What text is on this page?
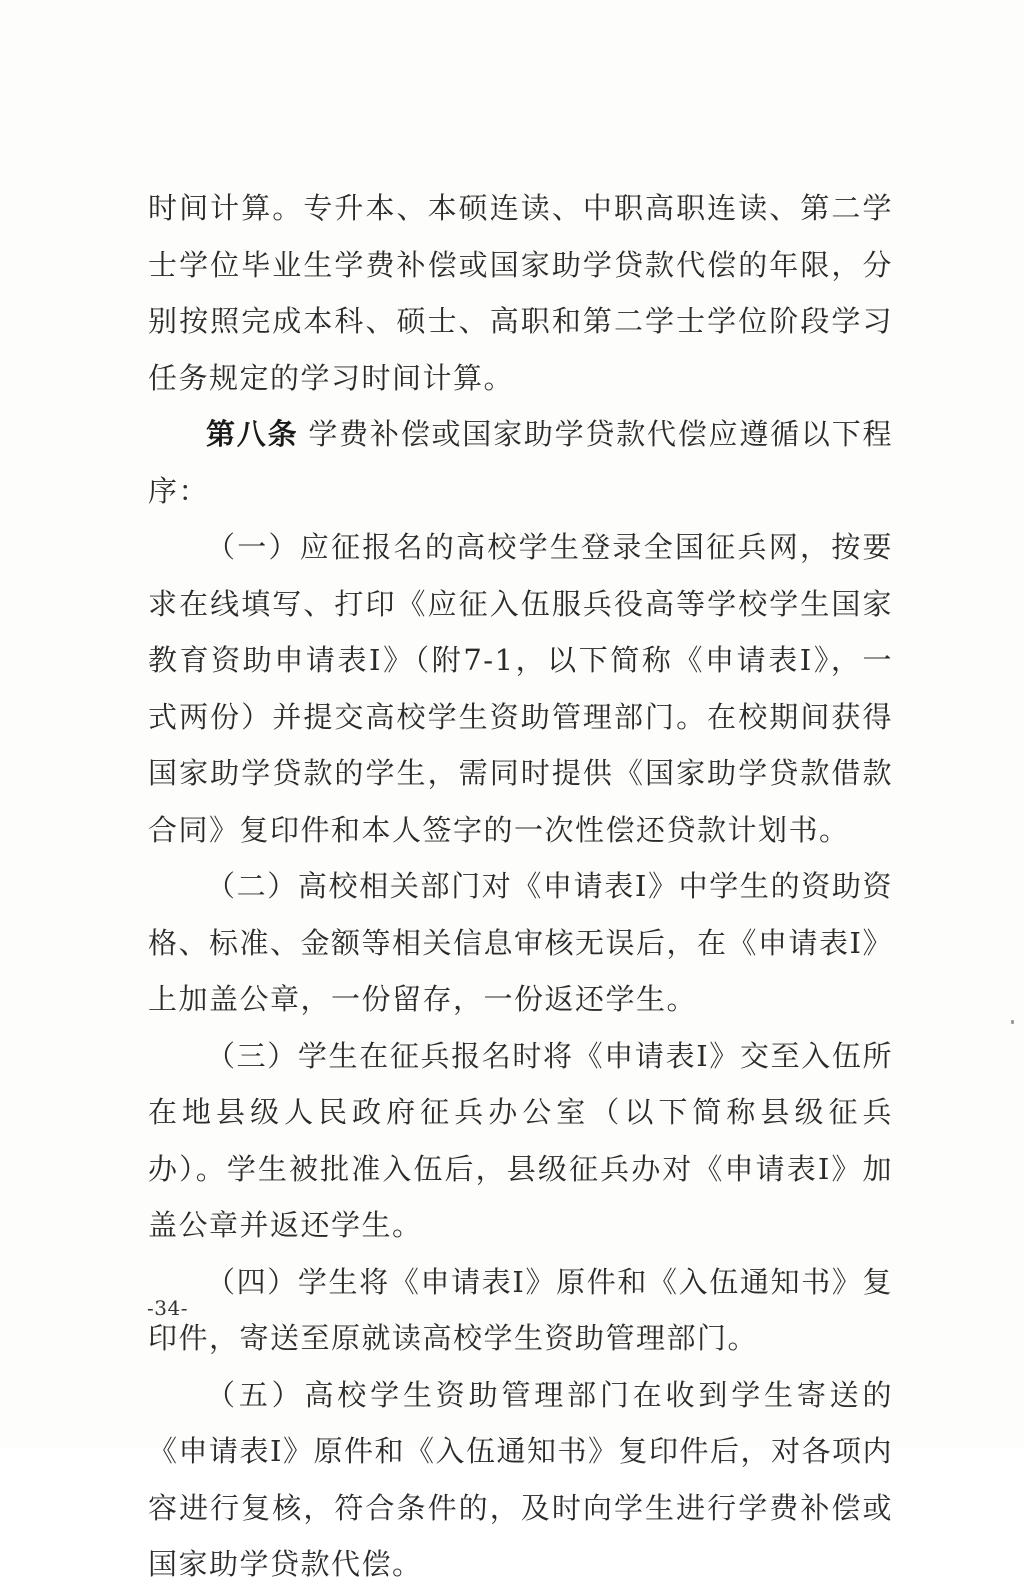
时间计算。专升本、本硕连读、中职高职连读、第二学士学位毕业生学费补偿或国家助学贷款代偿的年限，分别按照完成本科、硕士、高职和第二学士学位阶段学习任务规定的学习时间计算。

第八条 学费补偿或国家助学贷款代偿应遵循以下程序：

（一）应征报名的高校学生登录全国征兵网，按要求在线填写、打印《应征入伍服兵役高等学校学生国家教育资助申请表Ⅰ》（附7-1，以下简称《申请表Ⅰ》，一式两份）并提交高校学生资助管理部门。在校期间获得国家助学贷款的学生，需同时提供《国家助学贷款借款合同》复印件和本人签字的一次性偿还贷款计划书。

（二）高校相关部门对《申请表Ⅰ》中学生的资助资格、标准、金额等相关信息审核无误后，在《申请表Ⅰ》上加盖公章，一份留存，一份返还学生。

（三）学生在征兵报名时将《申请表Ⅰ》交至入伍所在地县级人民政府征兵办公室（以下简称县级征兵办）。学生被批准入伍后，县级征兵办对《申请表Ⅰ》加盖公章并返还学生。

（四）学生将《申请表Ⅰ》原件和《入伍通知书》复印件，寄送至原就读高校学生资助管理部门。

（五）高校学生资助管理部门在收到学生寄送的《申请表Ⅰ》原件和《入伍通知书》复印件后，对各项内容进行复核，符合条件的，及时向学生进行学费补偿或国家助学贷款代偿。

-34-
